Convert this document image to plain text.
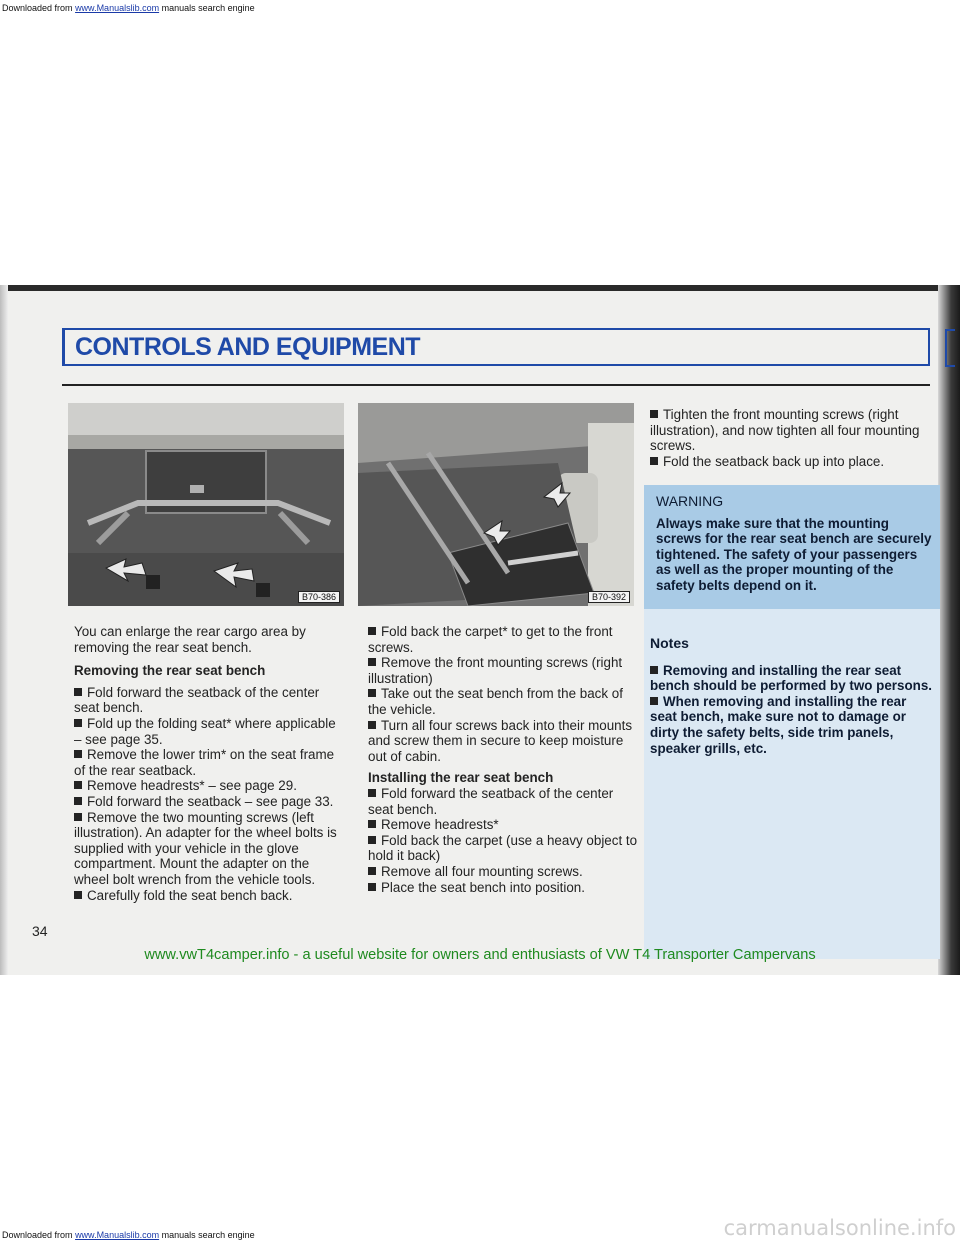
Downloaded from www.Manualslib.com manuals search engine
CONTROLS AND EQUIPMENT
B70-386	B70-392

You can enlarge the rear cargo area by removing the rear seat bench.

Removing the rear seat bench

Fold forward the seatback of the center seat bench.

Fold up the folding seat* where applicable – see page 35.

Remove the lower trim* on the seat frame of the rear seatback.

Remove headrests* – see page 29.

Fold forward the seatback – see page 33.

Remove the two mounting screws (left illustration). An adapter for the wheel bolts is supplied with your vehicle in the glove compartment. Mount the adapter on the wheel bolt wrench from the vehicle tools.

Carefully fold the seat bench back.

Fold back the carpet* to get to the front screws.

Remove the front mounting screws (right illustration)

Take out the seat bench from the back of the vehicle.

Turn all four screws back into their mounts and screw them in secure to keep moisture out of cabin.

Installing the rear seat bench

Fold forward the seatback of the center seat bench.

Remove headrests*

Fold back the carpet (use a heavy object to hold it back)

Remove all four mounting screws.

Place the seat bench into position.

Tighten the front mounting screws (right illustration), and now tighten all four mounting screws.

Fold the seatback back up into place.

WARNING
Always make sure that the mounting screws for the rear seat bench are securely tightened. The safety of your passengers as well as the proper mounting of the safety belts depend on it.
Notes

Removing and installing the rear seat bench should be performed by two persons.

When removing and installing the rear seat bench, make sure not to damage or dirty the safety belts, side trim panels, speaker grills, etc.

34
www.vwT4camper.info - a useful website for owners and enthusiasts of VW T4 Transporter Campervans
Downloaded from www.Manualslib.com manuals search engine	carmanualsonline.info
